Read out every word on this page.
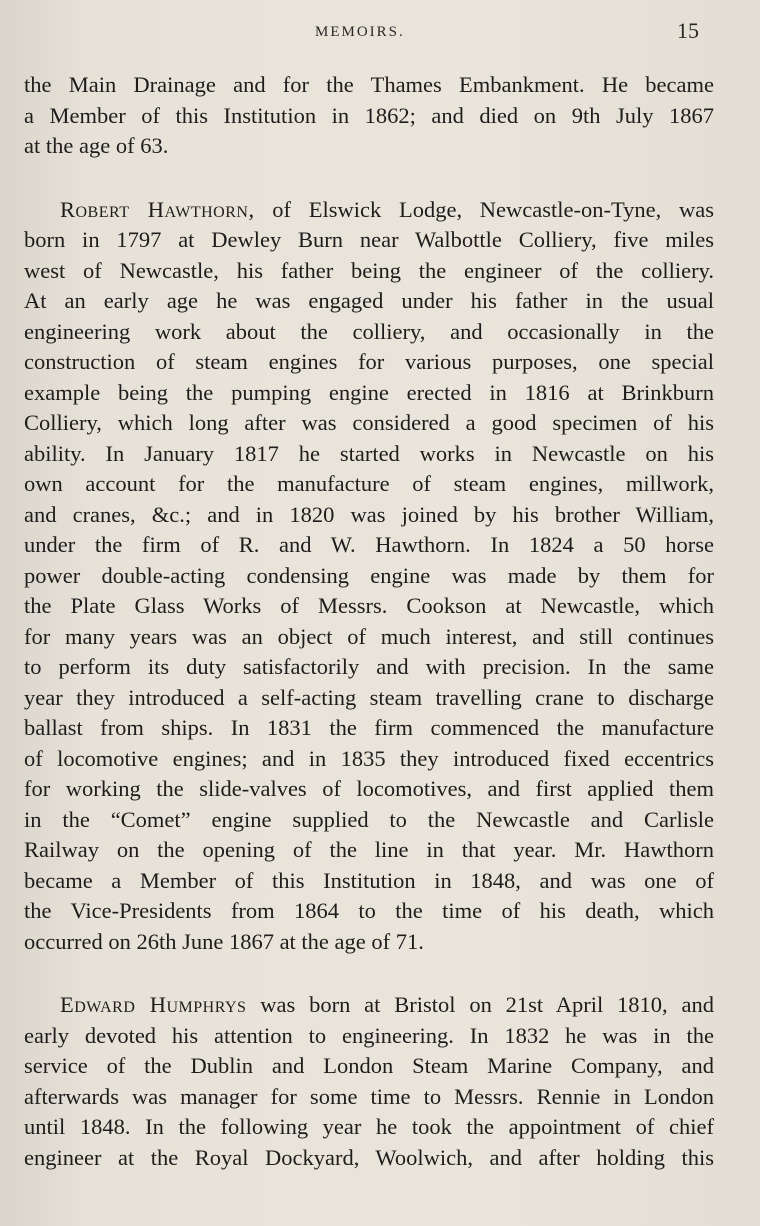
MEMOIRS.	15
the Main Drainage and for the Thames Embankment. He became
a Member of this Institution in 1862; and died on 9th July 1867
at the age of 63.
Robert Hawthorn, of Elswick Lodge, Newcastle-on-Tyne, was
born in 1797 at Dewley Burn near Walbottle Colliery, five miles
west of Newcastle, his father being the engineer of the colliery.
At an early age he was engaged under his father in the usual
engineering work about the colliery, and occasionally in the
construction of steam engines for various purposes, one special
example being the pumping engine erected in 1816 at Brinkburn
Colliery, which long after was considered a good specimen of his
ability. In January 1817 he started works in Newcastle on his
own account for the manufacture of steam engines, millwork,
and cranes, &c.; and in 1820 was joined by his brother William,
under the firm of R. and W. Hawthorn. In 1824 a 50 horse
power double-acting condensing engine was made by them for
the Plate Glass Works of Messrs. Cookson at Newcastle, which
for many years was an object of much interest, and still continues
to perform its duty satisfactorily and with precision. In the same
year they introduced a self-acting steam travelling crane to discharge
ballast from ships. In 1831 the firm commenced the manufacture
of locomotive engines; and in 1835 they introduced fixed eccentrics
for working the slide-valves of locomotives, and first applied them
in the “Comet” engine supplied to the Newcastle and Carlisle
Railway on the opening of the line in that year. Mr. Hawthorn
became a Member of this Institution in 1848, and was one of
the Vice-Presidents from 1864 to the time of his death, which
occurred on 26th June 1867 at the age of 71.
Edward Humphrys was born at Bristol on 21st April 1810, and
early devoted his attention to engineering. In 1832 he was in the
service of the Dublin and London Steam Marine Company, and
afterwards was manager for some time to Messrs. Rennie in London
until 1848. In the following year he took the appointment of chief
engineer at the Royal Dockyard, Woolwich, and after holding this
